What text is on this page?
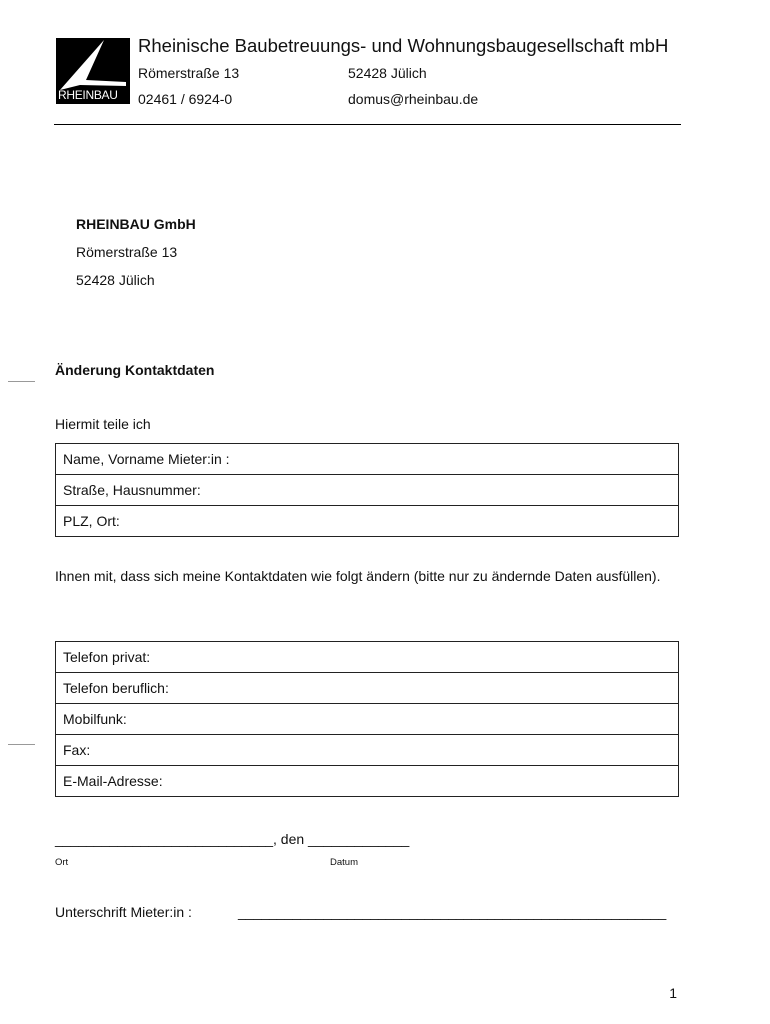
RHEINBAU
Rheinische Baubetreuungs- und Wohnungsbaugesellschaft mbH
Römerstraße 13	52428 Jülich
02461 / 6924-0	domus@rheinbau.de
RHEINBAU GmbH
Römerstraße 13
52428 Jülich
Änderung Kontaktdaten
Hiermit teile ich
Name, Vorname Mieter:in :
Straße, Hausnummer:
PLZ, Ort:
Ihnen mit, dass sich meine Kontaktdaten wie folgt ändern (bitte nur zu ändernde Daten ausfüllen).
Telefon privat:
Telefon beruflich:
Mobilfunk:
Fax:
E-Mail-Adresse:
____________________________, den _____________
Ort	Datum
Unterschrift Mieter:in :	_______________________________________________________
1
